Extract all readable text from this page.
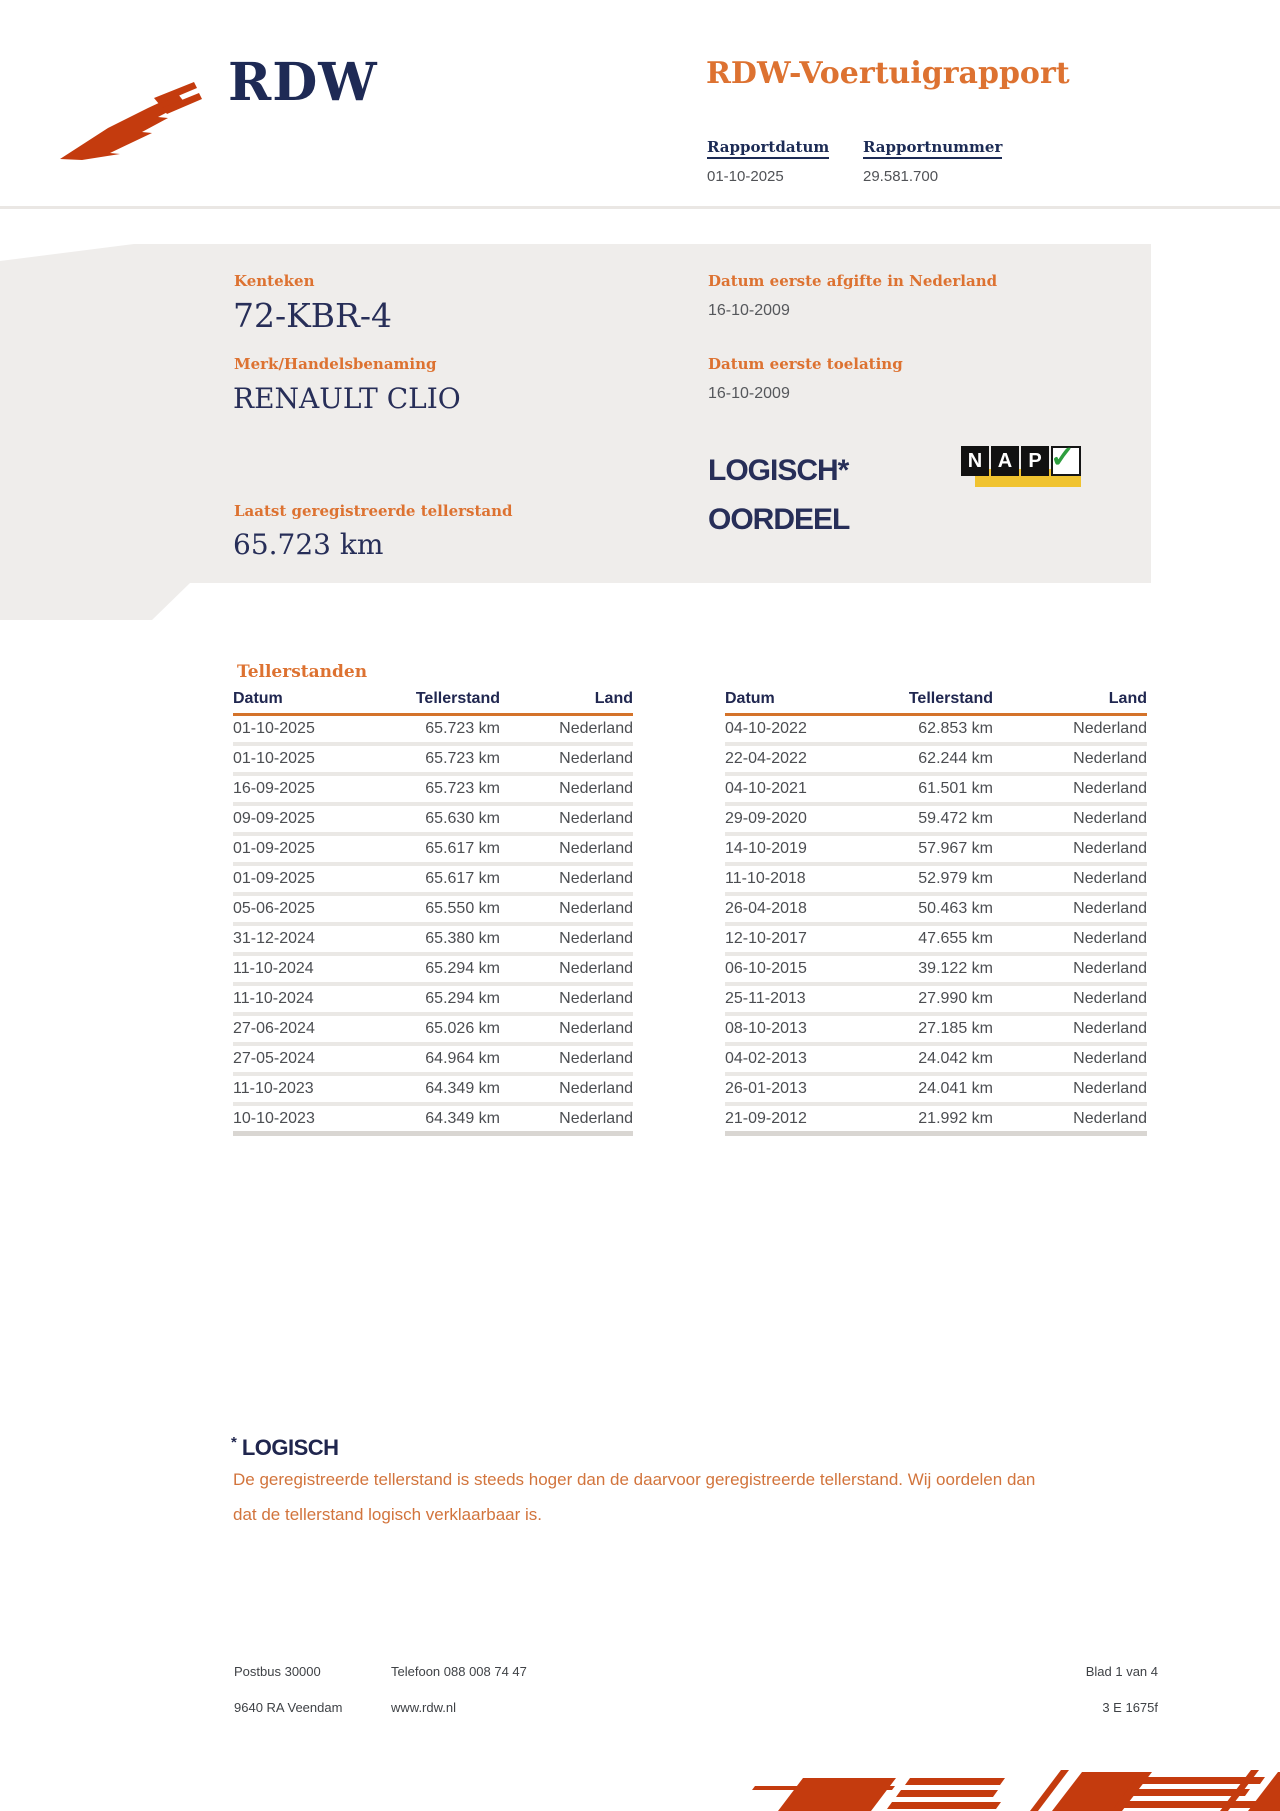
RDW	RDW-Voertuigrapport
Rapportdatum Rapportnummer
01-10-2025	29.581.700
Kenteken
72-KBR-4
Merk/Handelsbenaming
RENAULT CLIO
Datum eerste afgifte in Nederland
16-10-2009
Datum eerste toelating
16-10-2009
LOGISCH*
OORDEEL
N A P ✓
Laatst geregistreerde tellerstand
65.723 km
Tellerstanden
Datum	Tellerstand	Land
01-10-2025	65.723 km	Nederland
01-10-2025	65.723 km	Nederland
16-09-2025	65.723 km	Nederland
09-09-2025	65.630 km	Nederland
01-09-2025	65.617 km	Nederland
01-09-2025	65.617 km	Nederland
05-06-2025	65.550 km	Nederland
31-12-2024	65.380 km	Nederland
11-10-2024	65.294 km	Nederland
11-10-2024	65.294 km	Nederland
27-06-2024	65.026 km	Nederland
27-05-2024	64.964 km	Nederland
11-10-2023	64.349 km	Nederland
10-10-2023	64.349 km	Nederland
Datum	Tellerstand	Land
04-10-2022	62.853 km	Nederland
22-04-2022	62.244 km	Nederland
04-10-2021	61.501 km	Nederland
29-09-2020	59.472 km	Nederland
14-10-2019	57.967 km	Nederland
11-10-2018	52.979 km	Nederland
26-04-2018	50.463 km	Nederland
12-10-2017	47.655 km	Nederland
06-10-2015	39.122 km	Nederland
25-11-2013	27.990 km	Nederland
08-10-2013	27.185 km	Nederland
04-02-2013	24.042 km	Nederland
26-01-2013	24.041 km	Nederland
21-09-2012	21.992 km	Nederland
* LOGISCH
De geregistreerde tellerstand is steeds hoger dan de daarvoor geregistreerde tellerstand. Wij oordelen dan
dat de tellerstand logisch verklaarbaar is.
Postbus 30000
9640 RA Veendam
Telefoon 088 008 74 47
www.rdw.nl
Blad 1 van 4
3 E 1675f
